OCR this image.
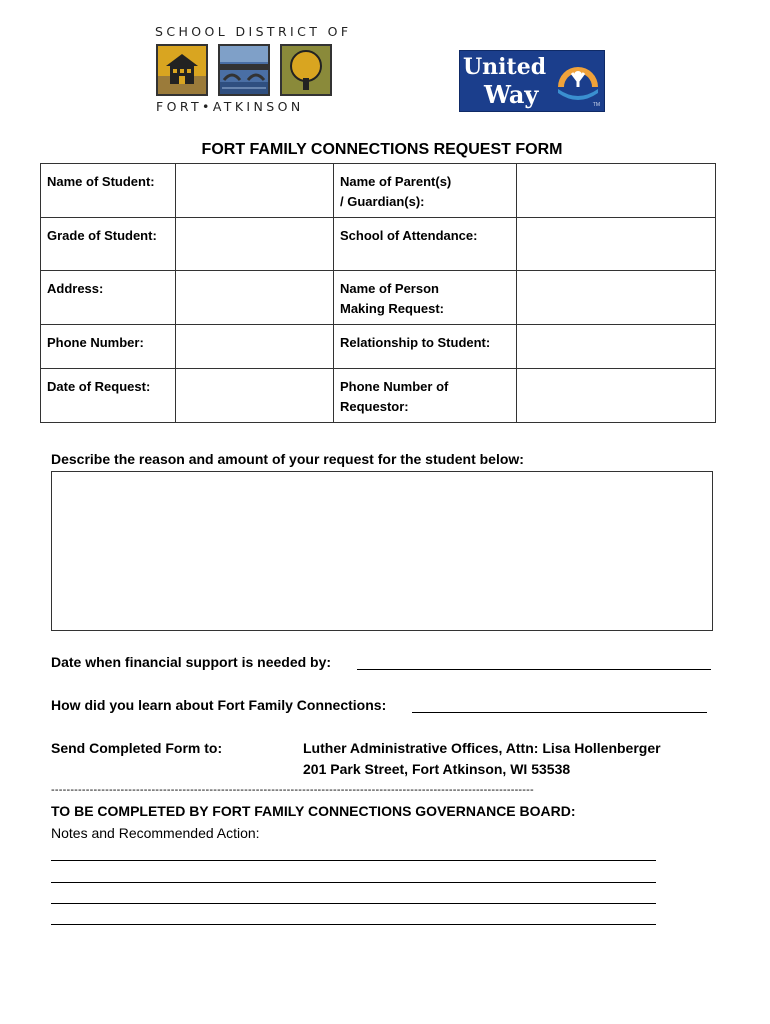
SCHOOL DISTRICT OF
FORT•ATKINSON
United
Way	TM
FORT FAMILY CONNECTIONS REQUEST FORM
Name of Student:		Name of Parent(s)
/ Guardian(s):	
Grade of Student:		School of Attendance:	
Address:		Name of Person
Making Request:	
Phone Number:		Relationship to Student:	
Date of Request:		Phone Number of
Requestor:	
Describe the reason and amount of your request for the student below:
Date when financial support is needed by:
How did you learn about Fort Family Connections:
Send Completed Form to:	Luther Administrative Offices, Attn: Lisa Hollenberger
201 Park Street, Fort Atkinson, WI 53538
-----------------------------------------------------------------------------------------------------------------------------
TO BE COMPLETED BY FORT FAMILY CONNECTIONS GOVERNANCE BOARD:
Notes and Recommended Action:
